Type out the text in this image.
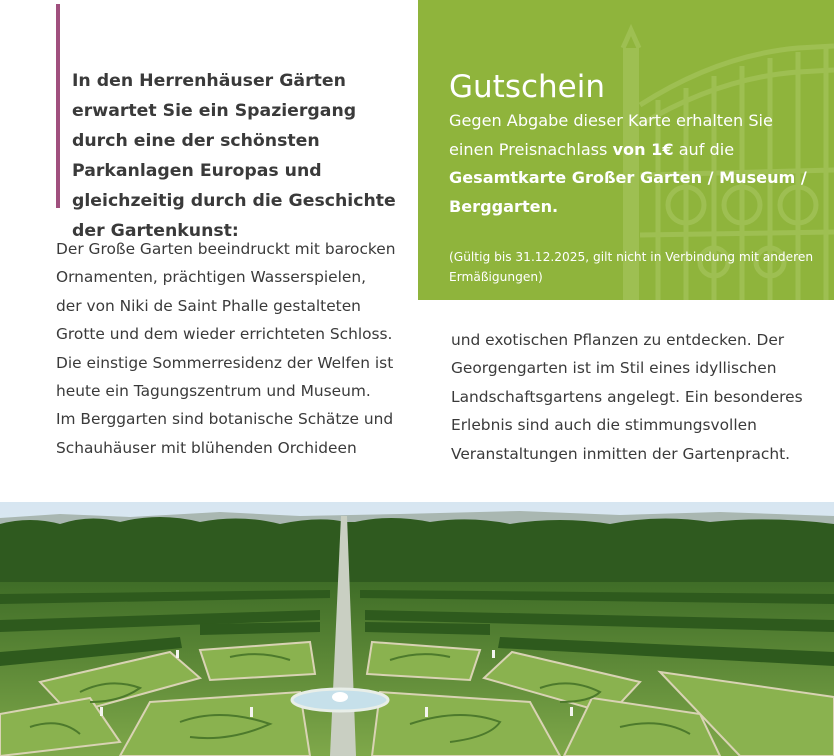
In den Herrenhäuser Gärten erwartet Sie ein Spaziergang durch eine der schönsten Parkanlagen Europas und gleichzeitig durch die Geschichte der Gartenkunst:

Der Große Garten beeindruckt mit barocken
Ornamenten, prächtigen Wasserspielen,
der von Niki de Saint Phalle gestalteten
Grotte und dem wieder errichteten Schloss.
Die einstige Sommerresidenz der Welfen ist
heute ein Tagungszentrum und Museum.
Im Berggarten sind botanische Schätze und
Schauhäuser mit blühenden Orchideen

Gutschein

Gegen Abgabe dieser Karte erhalten Sie einen Preisnachlass von 1€ auf die Gesamtkarte Großer Garten / Museum / Berggarten.

(Gültig bis 31.12.2025, gilt nicht in Verbindung mit anderen Ermäßigungen)

und exotischen Pflanzen zu entdecken. Der
Georgengarten ist im Stil eines idyllischen
Landschaftsgartens angelegt. Ein besonderes
Erlebnis sind auch die stimmungsvollen
Veranstaltungen inmitten der Gartenpracht.
